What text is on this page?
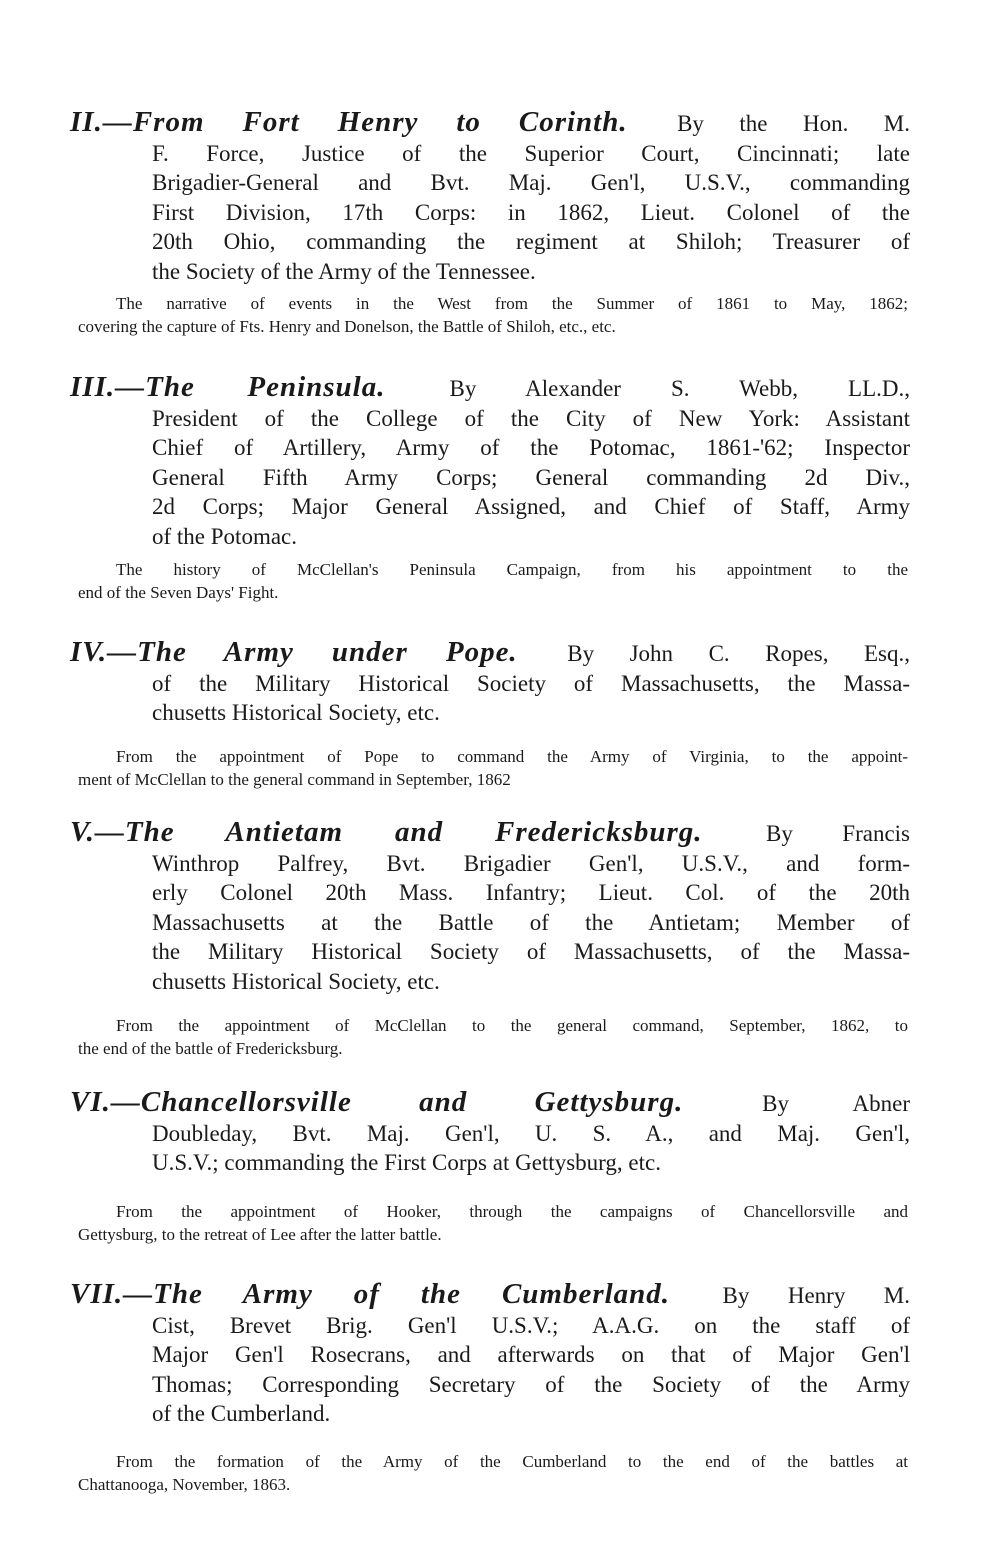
II.—From Fort Henry to Corinth. By the Hon. M.
F. Force, Justice of the Superior Court, Cincinnati; late
Brigadier-General and Bvt. Maj. Gen'l, U.S.V., commanding
First Division, 17th Corps: in 1862, Lieut. Colonel of the
20th Ohio, commanding the regiment at Shiloh; Treasurer of
the Society of the Army of the Tennessee.
The narrative of events in the West from the Summer of 1861 to May, 1862;
covering the capture of Fts. Henry and Donelson, the Battle of Shiloh, etc., etc.
III.—The Peninsula.	By Alexander S. Webb, LL.D.,
President of the College of the City of New York: Assistant
Chief of Artillery, Army of the Potomac, 1861-'62; Inspector
General Fifth Army Corps; General commanding 2d Div.,
2d Corps; Major General Assigned, and Chief of Staff, Army
of the Potomac.
The history of McClellan's Peninsula Campaign, from his appointment to the
end of the Seven Days' Fight.
IV.—The Army under Pope. By John C. Ropes, Esq.,
of the Military Historical Society of Massachusetts, the Massa-
chusetts Historical Society, etc.
From the appointment of Pope to command the Army of Virginia, to the appoint-
ment of McClellan to the general command in September, 1862
V.—The Antietam and Fredericksburg.	By Francis
Winthrop Palfrey, Bvt. Brigadier Gen'l, U.S.V., and form-
erly Colonel 20th Mass. Infantry; Lieut. Col. of the 20th
Massachusetts at the Battle of the Antietam; Member of
the Military Historical Society of Massachusetts, of the Massa-
chusetts Historical Society, etc.
From the appointment of McClellan to the general command, September, 1862, to
the end of the battle of Fredericksburg.
VI.—Chancellorsville and Gettysburg.	By Abner
Doubleday, Bvt. Maj. Gen'l, U. S. A., and Maj. Gen'l,
U.S.V.; commanding the First Corps at Gettysburg, etc.
From the appointment of Hooker, through the campaigns of Chancellorsville and
Gettysburg, to the retreat of Lee after the latter battle.
VII.—The Army of the Cumberland. By Henry M.
Cist, Brevet Brig. Gen'l U.S.V.; A.A.G. on the staff of
Major Gen'l Rosecrans, and afterwards on that of Major Gen'l
Thomas; Corresponding Secretary of the Society of the Army
of the Cumberland.
From the formation of the Army of the Cumberland to the end of the battles at
Chattanooga, November, 1863.
